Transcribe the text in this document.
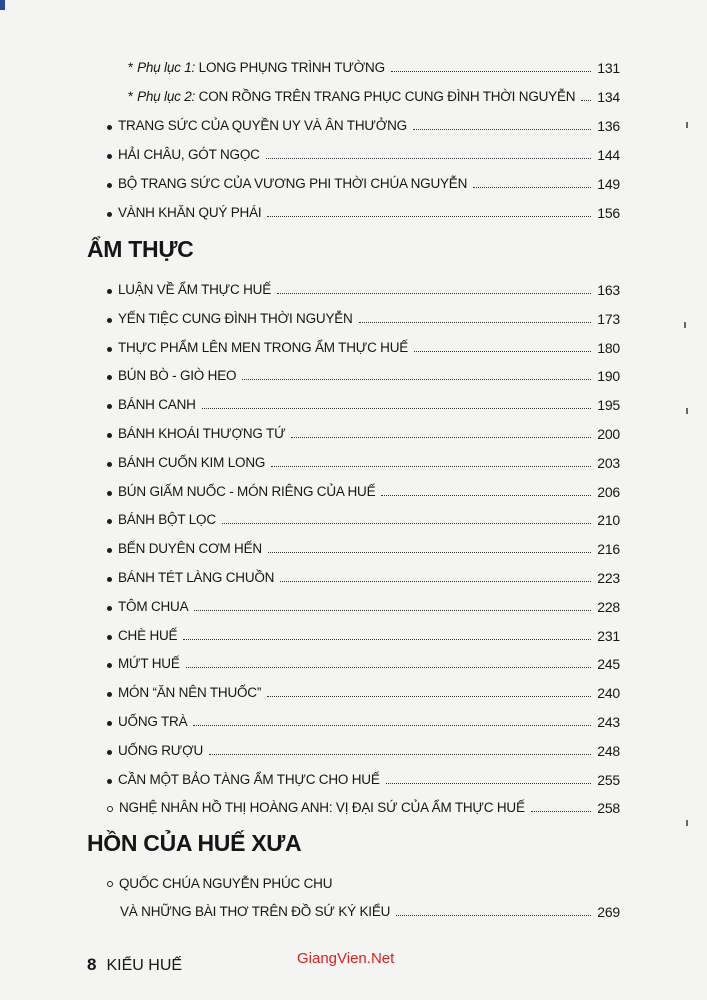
* Phụ lục 1: LONG PHỤNG TRÌNH TƯỜNG	131
* Phụ lục 2: CON RỒNG TRÊN TRANG PHỤC CUNG ĐÌNH THỜI NGUYỄN 134
TRANG SỨC CỦA QUYỀN UY VÀ ÂN THƯỞNG	136
HẢI CHÂU, GÓT NGỌC	144
BỘ TRANG SỨC CỦA VƯƠNG PHI THỜI CHÚA NGUYỄN	149
VÀNH KHĂN QUÝ PHÁI	156
ẨM THỰC
LUẬN VỀ ẨM THỰC HUẾ	163
YẾN TIỆC CUNG ĐÌNH THỜI NGUYỄN	173
THỰC PHẨM LÊN MEN TRONG ẨM THỰC HUẾ	180
BÚN BÒ - GIÒ HEO	190
BÁNH CANH	195
BÁNH KHOÁI THƯỢNG TỨ	200
BÁNH CUỐN KIM LONG	203
BÚN GIẤM NUỐC - MÓN RIÊNG CỦA HUẾ	206
BÁNH BỘT LỌC	210
BẾN DUYÊN CƠM HẾN	216
BÁNH TÉT LÀNG CHUỒN	223
TÔM CHUA	228
CHÈ HUẾ	231
MỨT HUẾ	245
MÓN “ĂN NÊN THUỐC”	240
UỐNG TRÀ	243
UỐNG RƯỢU	248
CẦN MỘT BẢO TÀNG ẨM THỰC CHO HUẾ	255
NGHỆ NHÂN HỒ THỊ HOÀNG ANH: VỊ ĐẠI SỨ CỦA ẨM THỰC HUẾ	258
HỒN CỦA HUẾ XƯA
QUỐC CHÚA NGUYỄN PHÚC CHU
VÀ NHỮNG BÀI THƠ TRÊN ĐỒ SỨ KÝ KIỂU	269
8 KIỂU HUẾ	GiangVien.Net
